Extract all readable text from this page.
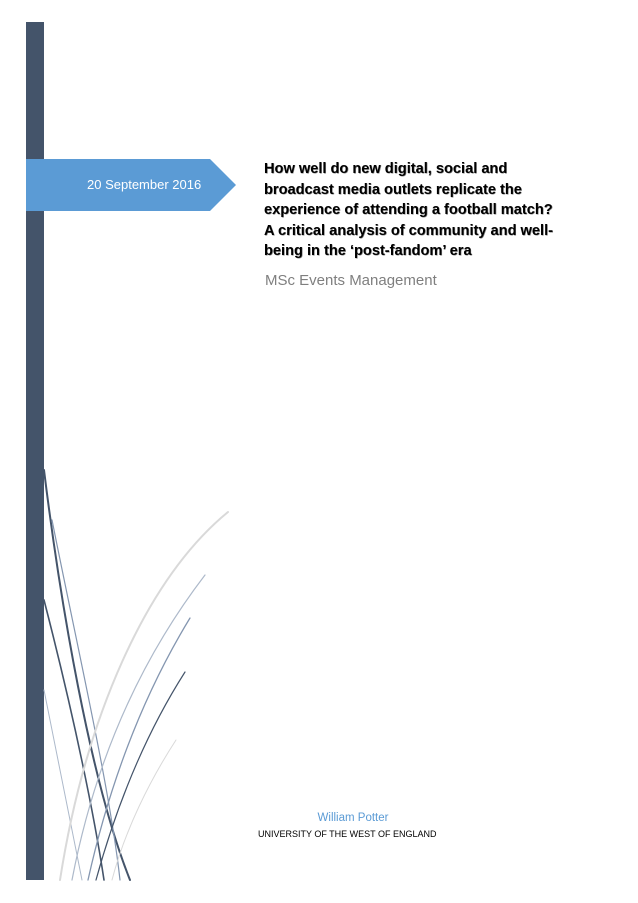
20 September 2016
How well do new digital, social and
broadcast media outlets replicate the
experience of attending a football match?
A critical analysis of community and well-
being in the ‘post-fandom’ era
MSc Events Management
William Potter
UNIVERSITY OF THE WEST OF ENGLAND
